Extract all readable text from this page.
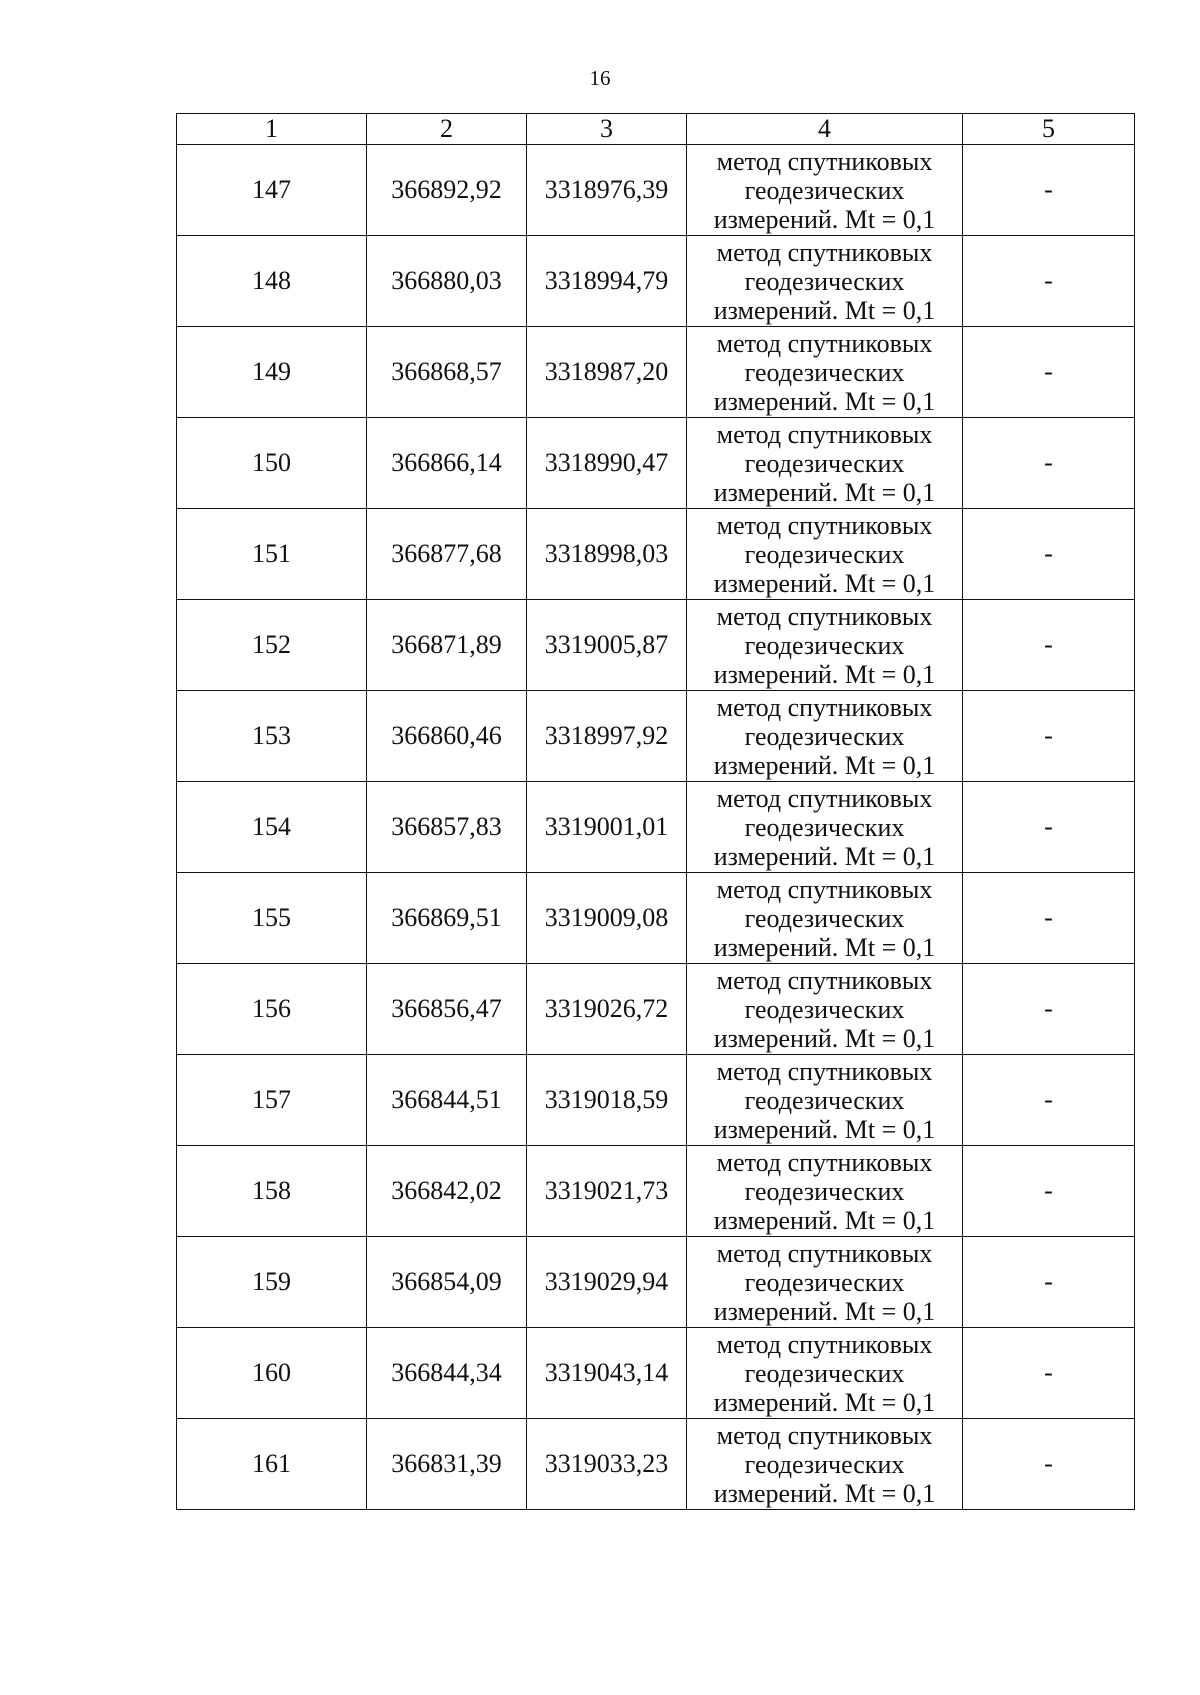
16
1	2	3	4	5
147	366892,92	3318976,39	метод спутниковых геодезических измерений. Mt = 0,1	-
148	366880,03	3318994,79	метод спутниковых геодезических измерений. Mt = 0,1	-
149	366868,57	3318987,20	метод спутниковых геодезических измерений. Mt = 0,1	-
150	366866,14	3318990,47	метод спутниковых геодезических измерений. Mt = 0,1	-
151	366877,68	3318998,03	метод спутниковых геодезических измерений. Mt = 0,1	-
152	366871,89	3319005,87	метод спутниковых геодезических измерений. Mt = 0,1	-
153	366860,46	3318997,92	метод спутниковых геодезических измерений. Mt = 0,1	-
154	366857,83	3319001,01	метод спутниковых геодезических измерений. Mt = 0,1	-
155	366869,51	3319009,08	метод спутниковых геодезических измерений. Mt = 0,1	-
156	366856,47	3319026,72	метод спутниковых геодезических измерений. Mt = 0,1	-
157	366844,51	3319018,59	метод спутниковых геодезических измерений. Mt = 0,1	-
158	366842,02	3319021,73	метод спутниковых геодезических измерений. Mt = 0,1	-
159	366854,09	3319029,94	метод спутниковых геодезических измерений. Mt = 0,1	-
160	366844,34	3319043,14	метод спутниковых геодезических измерений. Mt = 0,1	-
161	366831,39	3319033,23	метод спутниковых геодезических измерений. Mt = 0,1	-
